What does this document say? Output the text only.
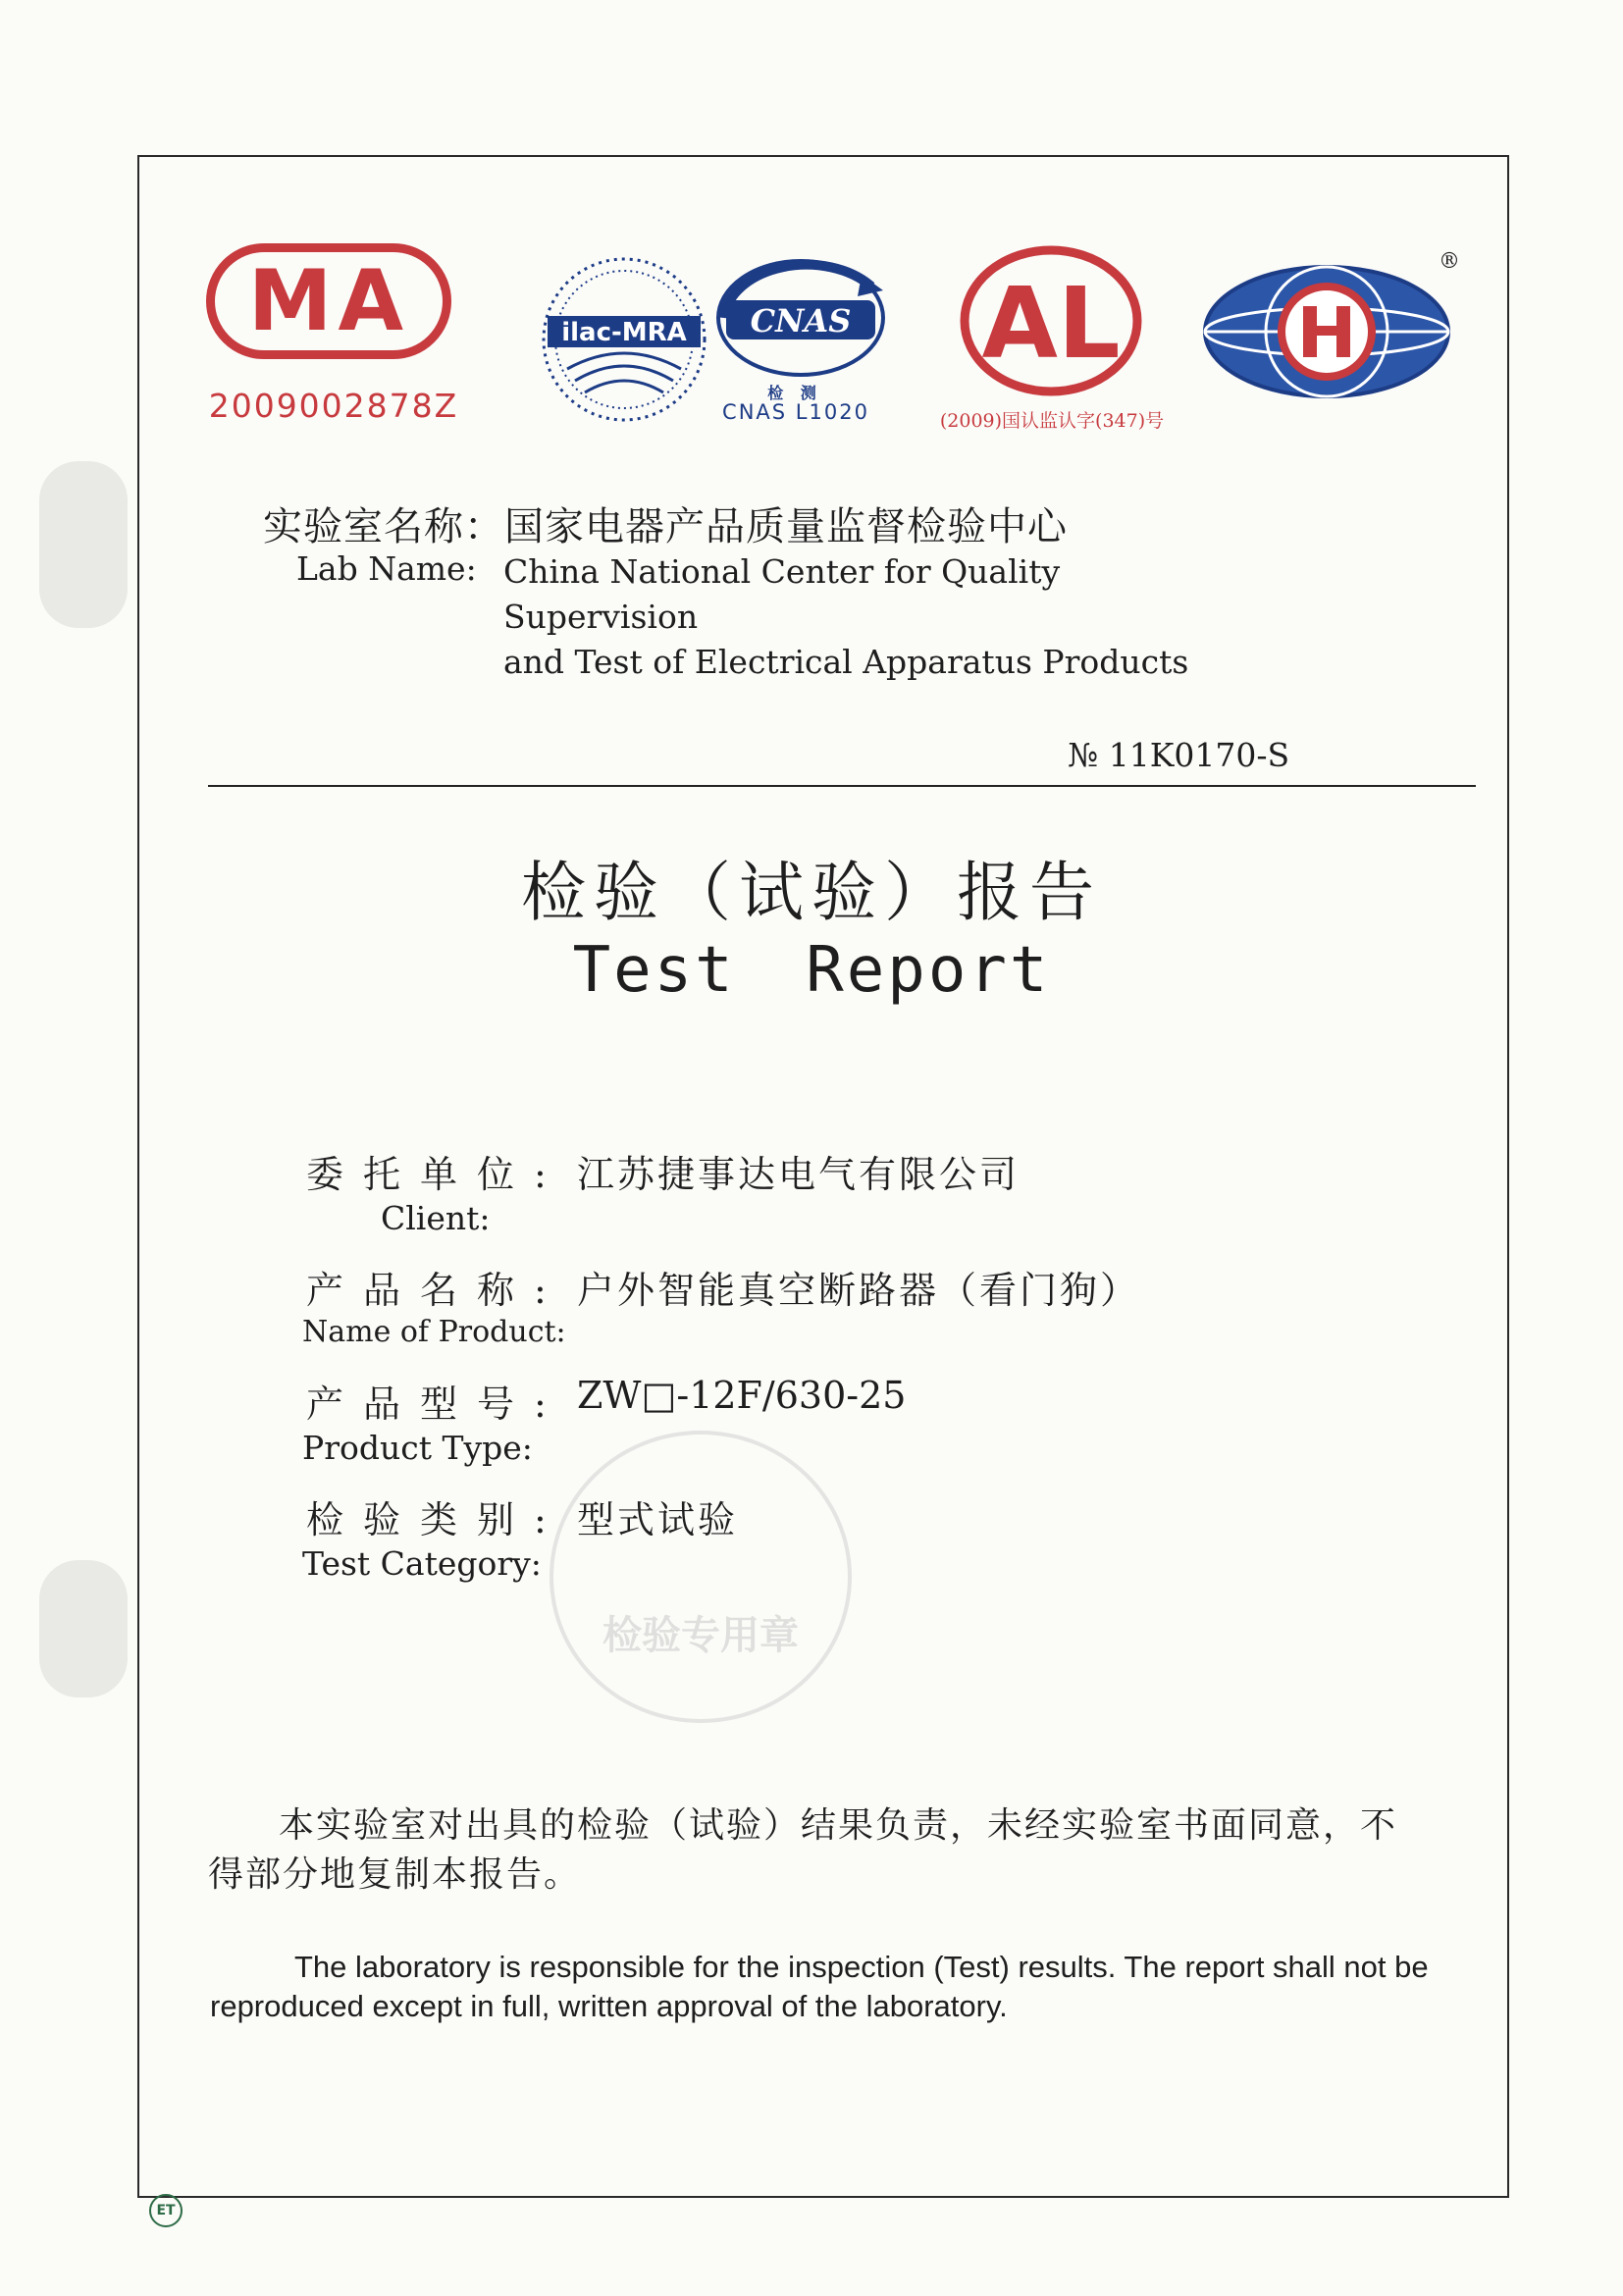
MA
2009002878Z
ilac-MRA CNAS
检 测
CNAS L1020
AL
(2009)国认监认字(347)号
®
实验室名称：国家电器产品质量监督检验中心
Lab Name: China National Center for Quality Supervision
and Test of Electrical Apparatus Products
№ 11K0170-S
检验（试验）报告
Test Report
委托单位: 江苏捷事达电气有限公司
Client:
产品名称: 户外智能真空断路器（看门狗）
Name of Product:
产品型号: ZW□-12F/630-25
Product Type:
检验类别: 型式试验
Test Category:
检验专用章
本实验室对出具的检验（试验）结果负责，未经实验室书面同意，不得部分地复制本报告。
The laboratory is responsible for the inspection (Test) results. The report shall not be reproduced except in full, written approval of the laboratory.
ET
